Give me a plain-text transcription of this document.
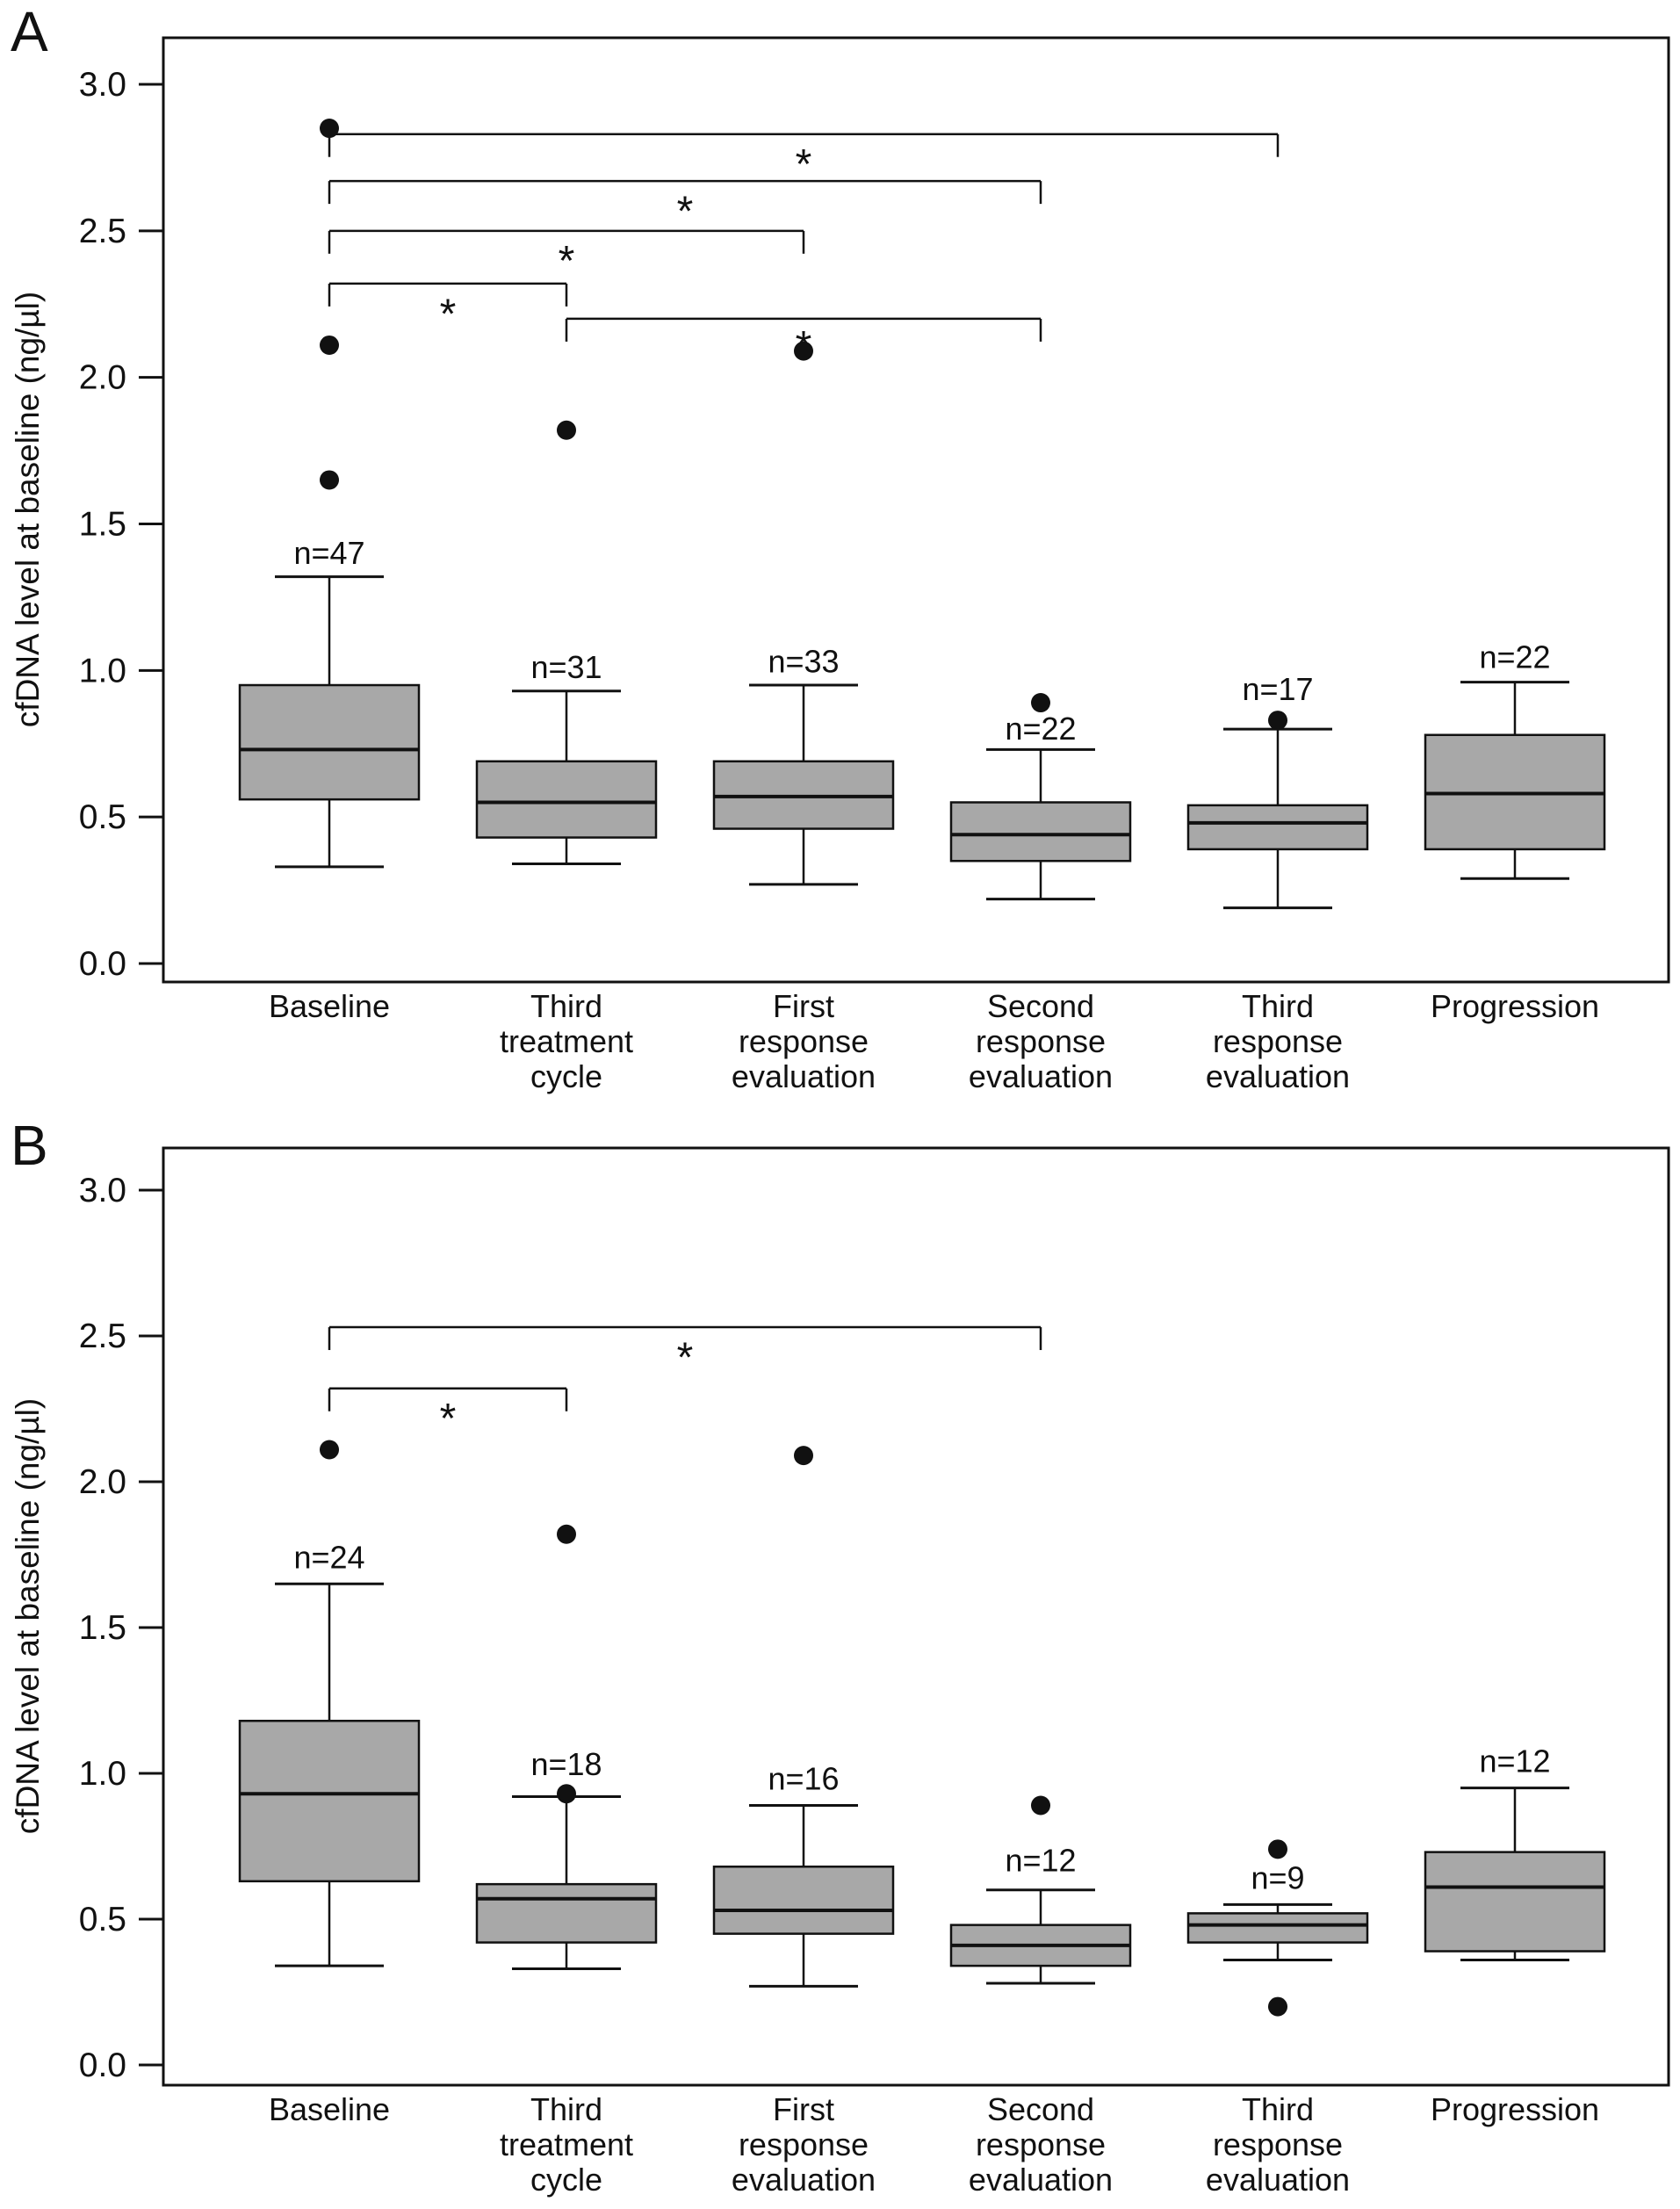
A
cfDNA level at baseline (ng/µl)
3.0
2.5
2.0
1.5
1.0
0.5
0.0
*
*
*
*
n=47
Baseline
n=31
Third
treatment
cycle
n=33
First
response
evaluation
n=22
Second
response
evaluation
n=17
Third
response
evaluation
n=22
Progression
B
cfDNA level at baseline (ng/µl)
3.0
2.5
2.0
1.5
1.0
0.5
0.0
*
*
n=24
Baseline
n=18
Third
treatment
cycle
n=16
First
response
evaluation
n=12
Second
response
evaluation
n=9
Third
response
evaluation
n=12
Progression
